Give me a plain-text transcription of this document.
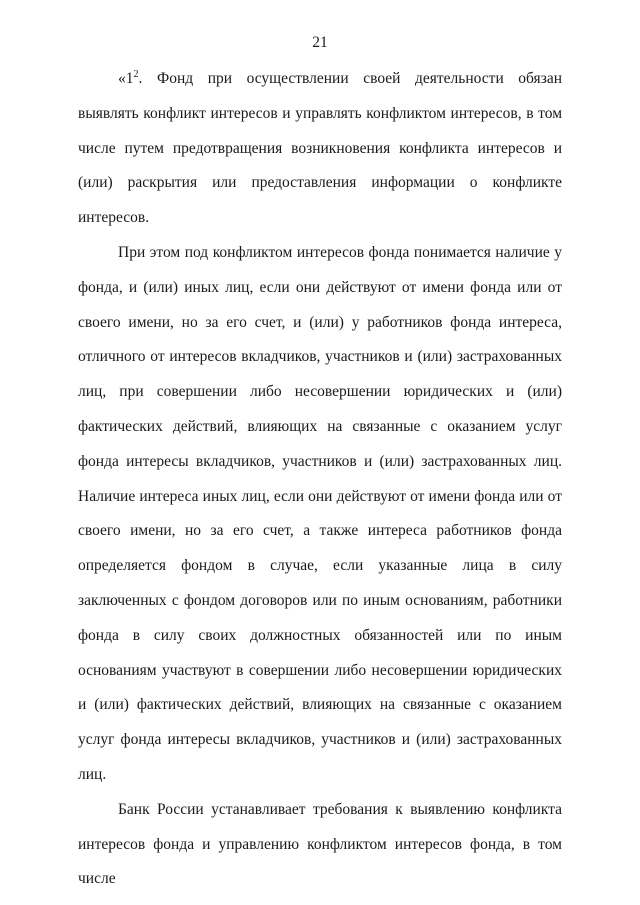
21

«$1^2$. Фонд при осуществлении своей деятельности обязан выявлять конфликт интересов и управлять конфликтом интересов, в том числе путем предотвращения возникновения конфликта интересов и (или) раскрытия или предоставления информации о конфликте интересов.

При этом под конфликтом интересов фонда понимается наличие у фонда, и (или) иных лиц, если они действуют от имени фонда или от своего имени, но за его счет, и (или) у работников фонда интереса, отличного от интересов вкладчиков, участников и (или) застрахованных лиц, при совершении либо несовершении юридических и (или) фактических действий, влияющих на связанные с оказанием услуг фонда интересы вкладчиков, участников и (или) застрахованных лиц. Наличие интереса иных лиц, если они действуют от имени фонда или от своего имени, но за его счет, а также интереса работников фонда определяется фондом в случае, если указанные лица в силу заключенных с фондом договоров или по иным основаниям, работники фонда в силу своих должностных обязанностей или по иным основаниям участвуют в совершении либо несовершении юридических и (или) фактических действий, влияющих на связанные с оказанием услуг фонда интересы вкладчиков, участников и (или) застрахованных лиц.

Банк России устанавливает требования к выявлению конфликта интересов фонда и управлению конфликтом интересов фонда, в том числе
